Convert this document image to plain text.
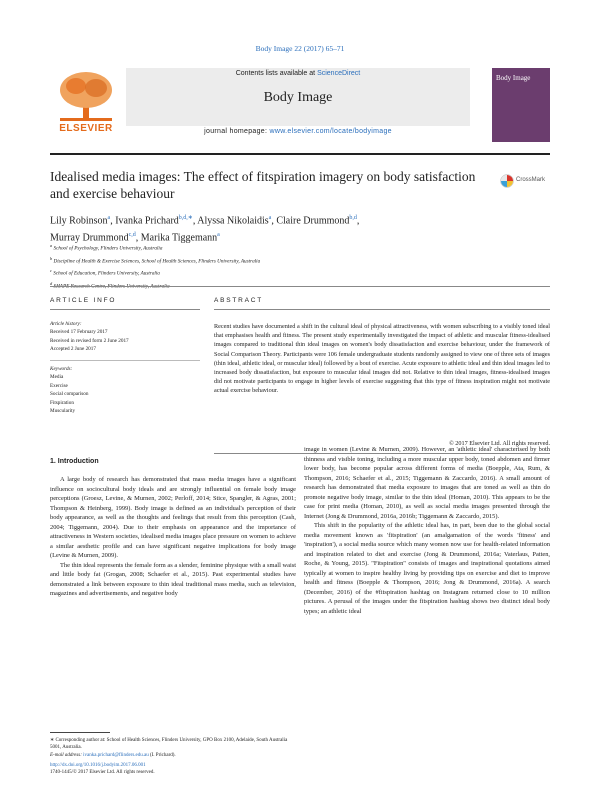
Body Image 22 (2017) 65–71
ELSEVIER
Contents lists available at ScienceDirect
Body Image
journal homepage: www.elsevier.com/locate/bodyimage
Body Image
Idealised media images: The effect of fitspiration imagery on body satisfaction and exercise behaviour
CrossMark
Lily Robinson$^a$, Ivanka Prichard$^{b,d,∗}$, Alyssa Nikolaidis$^a$, Claire Drummond$^{b,d}$,
Murray Drummond$^{c,d}$, Marika Tiggemann$^a$
$^a$ School of Psychology, Flinders University, Australia
$^b$ Discipline of Health & Exercise Sciences, School of Health Sciences, Flinders University, Australia
$^c$ School of Education, Flinders University, Australia
$^d$
ARTICLE INFO	ABSTRACT
Article history:
Received 17 February 2017
Received in revised form 2 June 2017
Accepted 2 June 2017
Keywords:
Media
Exercise
Social comparison
Fitspiration
Muscularity
Recent studies have documented a shift in the cultural ideal of physical attractiveness, with women subscribing to a visibly toned ideal that emphasises health and fitness. The present study experimentally investigated the impact of athletic and muscular fitness-idealised images compared to traditional thin ideal images on women's body dissatisfaction and exercise behaviour, under the framework of Social Comparison Theory. Participants were 106 female undergraduate students randomly assigned to view one of three sets of images (thin ideal, athletic ideal, or muscular ideal) followed by a bout of exercise. Acute exposure to athletic ideal and thin ideal images led to increased body dissatisfaction, but exposure to muscular ideal images did not. Relative to thin ideal images, fitness-idealised images did not motivate participants to engage in higher levels of exercise suggesting that this type of fitness inspiration might not motivate actual exercise behaviour.
© 2017 Elsevier Ltd. All rights reserved.
1. Introduction

A large body of research has demonstrated that mass media images have a significant influence on sociocultural body ideals and are strongly influential on female body image perceptions (Groesz, Levine, & Murnen, 2002; Perloff, 2014; Stice, Spangler, & Agras, 2001; Thompson & Heinberg, 1999). Body image is defined as an individual's perception of their body appearance, as well as the thoughts and feelings that result from this perception (Cash, 2004; Tiggemann, 2004). Due to their emphasis on appearance and the importance of attractiveness in Western societies, idealised media images place pressure on women to achieve a similar aesthetic profile and can have significant negative implications for body image (Levine & Murnen, 2009).

The thin ideal represents the female form as a slender, feminine physique with a small waist and little body fat (Grogan, 2008; Schaefer et al., 2015). Past experimental studies have demonstrated a link between exposure to thin ideal traditional mass media, such as television, magazines and advertisements, and negative body

image in women (Levine & Murnen, 2009). However, an 'athletic ideal' characterised by both thinness and visible toning, including a more muscular upper body, toned abdomen and firmer lower body, has become popular across different forms of media (Boepple, Ata, Rum, & Thompson, 2016; Schaefer et al., 2015; Tiggemann & Zaccardo, 2016). A small amount of research has demonstrated that media exposure to images that are toned as well as thin do promote negative body image, similar to the thin ideal (Homan, 2010). This appears to be the case for print media (Homan, 2010), as well as social media images presented through the Internet (Jong & Drummond, 2016a, 2016b; Tiggemann & Zaccardo, 2015).

This shift in the popularity of the athletic ideal has, in part, been due to the global social media movement known as 'fitspiration' (an amalgamation of the words 'fitness' and 'inspiration'), a social media source which many women now use for health-related information and inspiration related to diet and exercise (Jong & Drummond, 2016a; Vaterlaus, Patten, Roche, & Young, 2015). "Fitspiration" consists of images and inspirational quotations aimed typically at women to inspire healthy living by providing tips on exercise and diet to improve health and fitness (Boepple & Thompson, 2016; Jong & Drummond, 2016a). A search (December, 2016) of the #fitspiration hashtag on Instagram returned close to 10 million pictures. A perusal of the images under the fitspiration hashtag shows two distinct ideal body types; an athletic ideal

∗ Corresponding author at: School of Health Sciences, Flinders University, GPO Box 2100, Adelaide, South Australia 5001, Australia.
E-mail address: ivanka.prichard@flinders.edu.au (I. Prichard).
http://dx.doi.org/10.1016/j.bodyim.2017.06.001
1740-1445/© 2017 Elsevier Ltd. All rights reserved.
